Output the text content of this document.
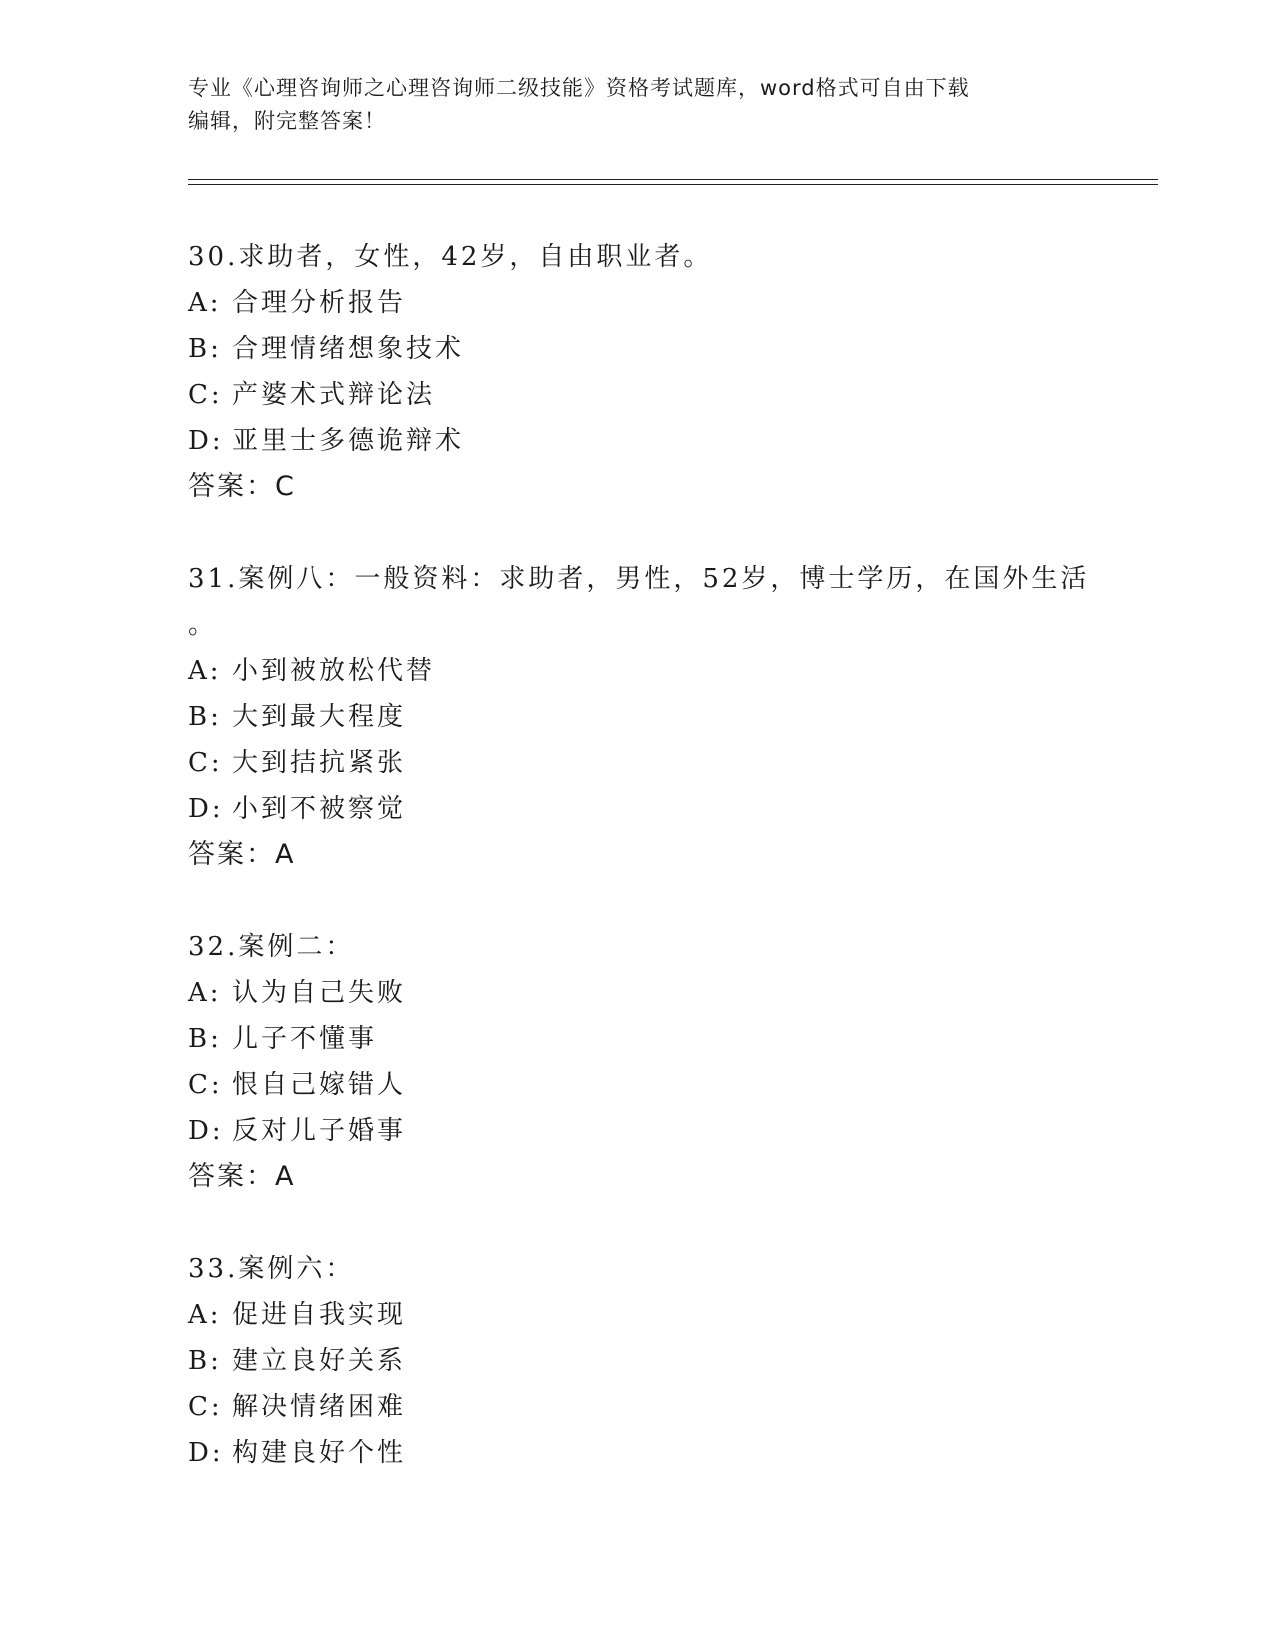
专业《心理咨询师之心理咨询师二级技能》资格考试题库，word格式可自由下载

编辑，附完整答案！

30.求助者，女性，42岁，自由职业者。

A: 合理分析报告

B: 合理情绪想象技术

C: 产婆术式辩论法

D: 亚里士多德诡辩术

答案：C

31.案例八：一般资料：求助者，男性，52岁，博士学历，在国外生活
。

A: 小到被放松代替

B: 大到最大程度

C: 大到拮抗紧张

D: 小到不被察觉

答案：A

32.案例二：

A: 认为自己失败

B: 儿子不懂事

C: 恨自己嫁错人

D: 反对儿子婚事

答案：A

33.案例六：

A: 促进自我实现

B: 建立良好关系

C: 解决情绪困难

D: 构建良好个性
